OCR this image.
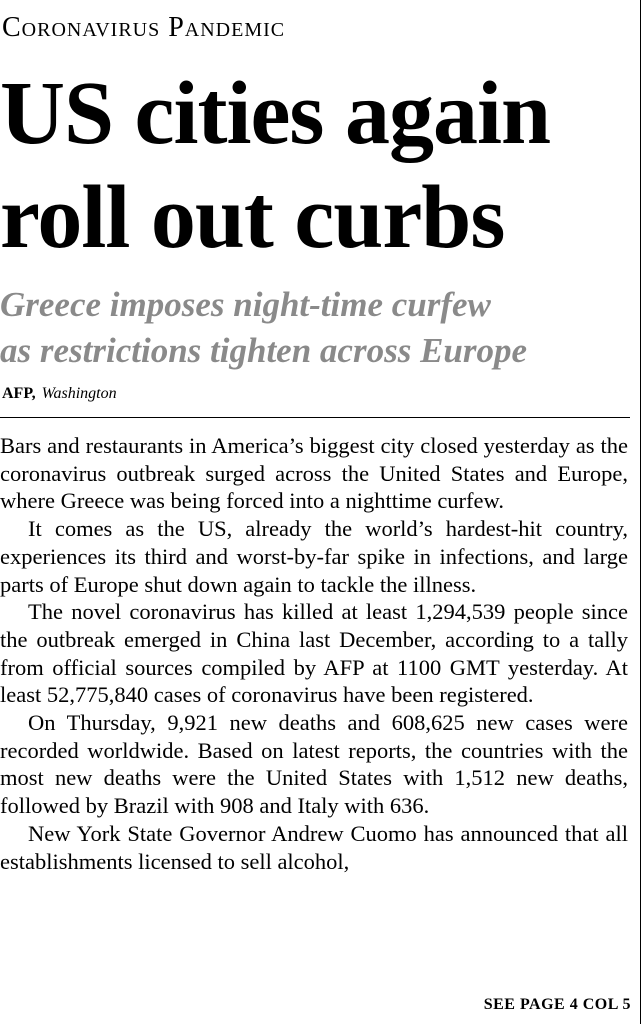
Coronavirus Pandemic
US cities again
roll out curbs
Greece imposes night-time curfew
as restrictions tighten across Europe
AFP, Washington

Bars and restaurants in America’s biggest city closed yesterday as the coronavirus outbreak surged across the United States and Europe, where Greece was being forced into a nighttime curfew.

It comes as the US, already the world’s hardest-hit country, experiences its third and worst-by-far spike in infections, and large parts of Europe shut down again to tackle the illness.

The novel coronavirus has killed at least 1,294,539 people since the outbreak emerged in China last December, according to a tally from official sources compiled by AFP at 1100 GMT yesterday. At least 52,775,840 cases of coronavirus have been registered.

On Thursday, 9,921 new deaths and 608,625 new cases were recorded worldwide. Based on latest reports, the countries with the most new deaths were the United States with 1,512 new deaths, followed by Brazil with 908 and Italy with 636.

New York State Governor Andrew Cuomo has announced that all establishments licensed to sell alcohol,

SEE PAGE 4 COL 5
